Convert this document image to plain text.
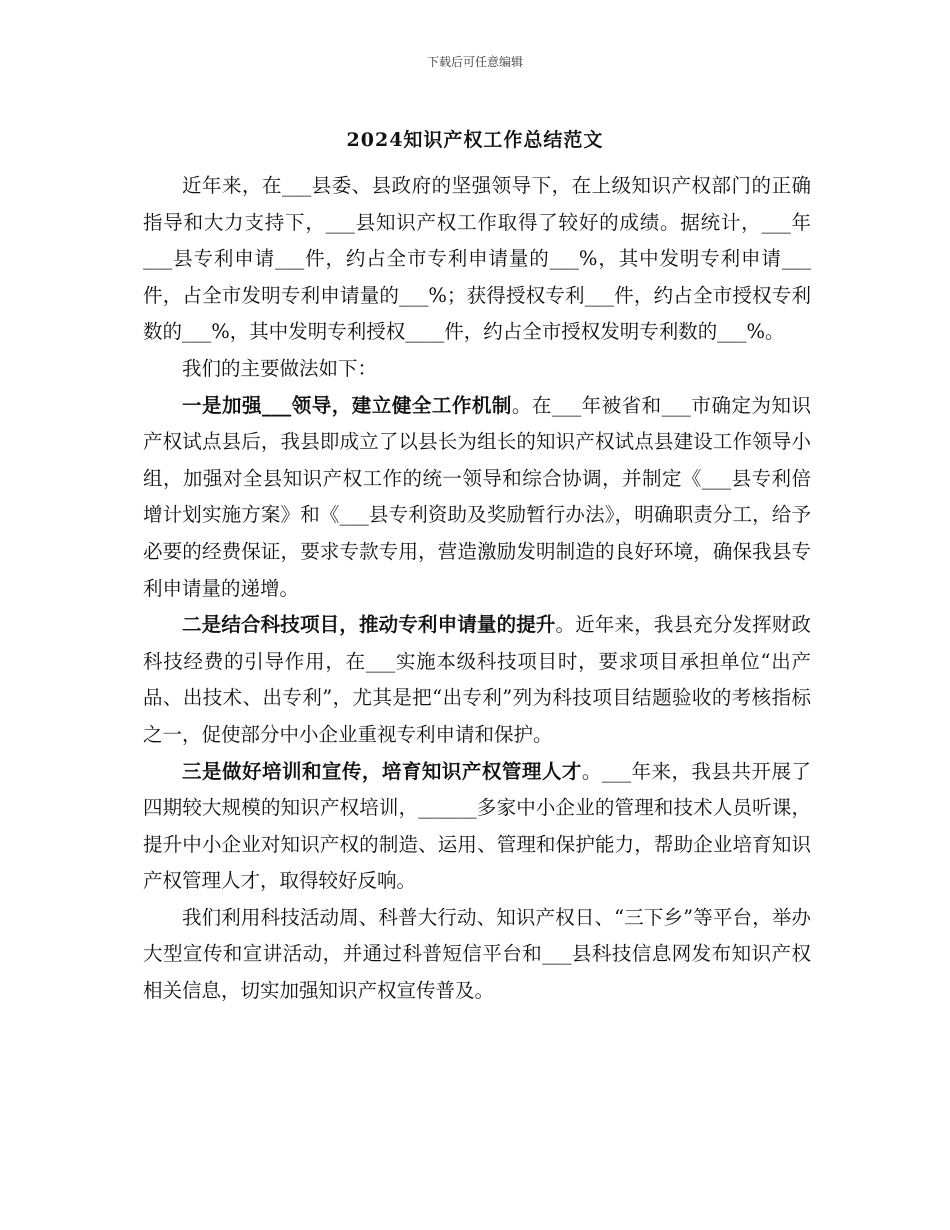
下载后可任意编辑
2024知识产权工作总结范文

近年来，在___县委、县政府的坚强领导下，在上级知识产权部门的正确指导和大力支持下，___县知识产权工作取得了较好的成绩。据统计，___年___县专利申请___件，约占全市专利申请量的___%，其中发明专利申请___件，占全市发明专利申请量的___%；获得授权专利___件，约占全市授权专利数的___%，其中发明专利授权____件，约占全市授权发明专利数的___%。

我们的主要做法如下：

一是加强___领导，建立健全工作机制。在___年被省和___市确定为知识产权试点县后，我县即成立了以县长为组长的知识产权试点县建设工作领导小组，加强对全县知识产权工作的统一领导和综合协调，并制定《___县专利倍增计划实施方案》和《___县专利资助及奖励暂行办法》，明确职责分工，给予必要的经费保证，要求专款专用，营造激励发明制造的良好环境，确保我县专利申请量的递增。

二是结合科技项目，推动专利申请量的提升。近年来，我县充分发挥财政科技经费的引导作用，在___实施本级科技项目时，要求项目承担单位“出产品、出技术、出专利”，尤其是把“出专利”列为科技项目结题验收的考核指标之一，促使部分中小企业重视专利申请和保护。

三是做好培训和宣传，培育知识产权管理人才。___年来，我县共开展了四期较大规模的知识产权培训，______多家中小企业的管理和技术人员听课，提升中小企业对知识产权的制造、运用、管理和保护能力，帮助企业培育知识产权管理人才，取得较好反响。

我们利用科技活动周、科普大行动、知识产权日、“三下乡”等平台，举办大型宣传和宣讲活动，并通过科普短信平台和___县科技信息网发布知识产权相关信息，切实加强知识产权宣传普及。
